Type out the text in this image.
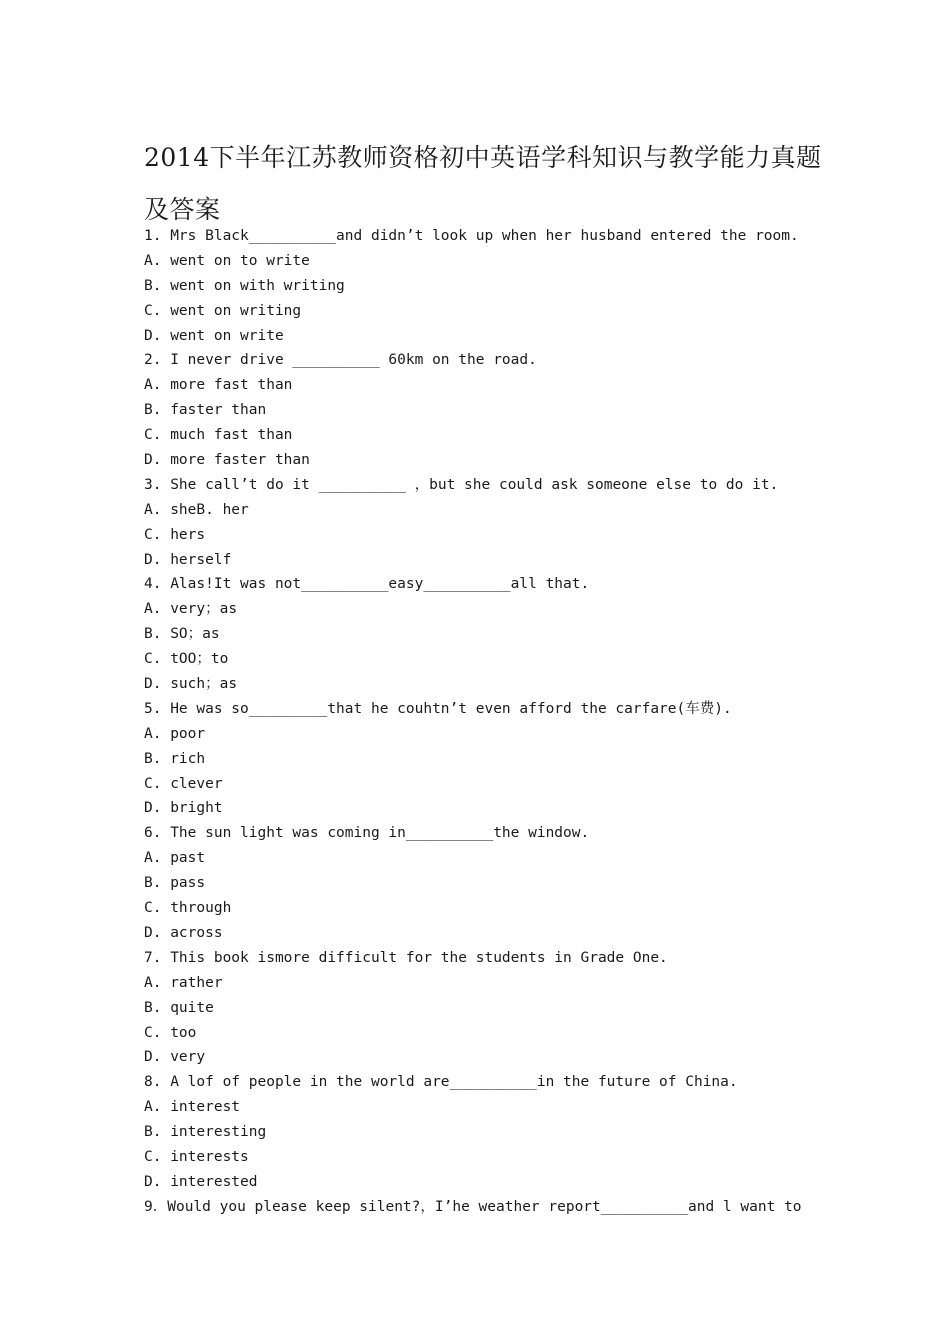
2014下半年江苏教师资格初中英语学科知识与教学能力真题及答案
1. Mrs Black__________and didn’t look up when her husband entered the room.
A. went on to write
B. went on with writing
C. went on writing
D. went on write
2. I never drive __________ 60km on the road.
A. more fast than
B. faster than
C. much fast than
D. more faster than
3. She call’t do it __________ ，but she could ask someone else to do it.
A. sheB. her
C. hers
D. herself
4. Alas!It was not__________easy__________all that.
A. very；as
B. SO；as
C. tOO；to
D. such；as
5. He was so_________that he couhtn’t even afford the carfare(车费).
A. poor
B. rich
C. clever
D. bright
6. The sun light was coming in__________the window.
A. past
B. pass
C. through
D. across
7. This book ismore difficult for the students in Grade One.
A. rather
B. quite
C. too
D. very
8. A lof of people in the world are__________in the future of China.
A. interest
B. interesting
C. interests
D. interested
9．Would you please keep silent?，I’he weather report__________and l want to
